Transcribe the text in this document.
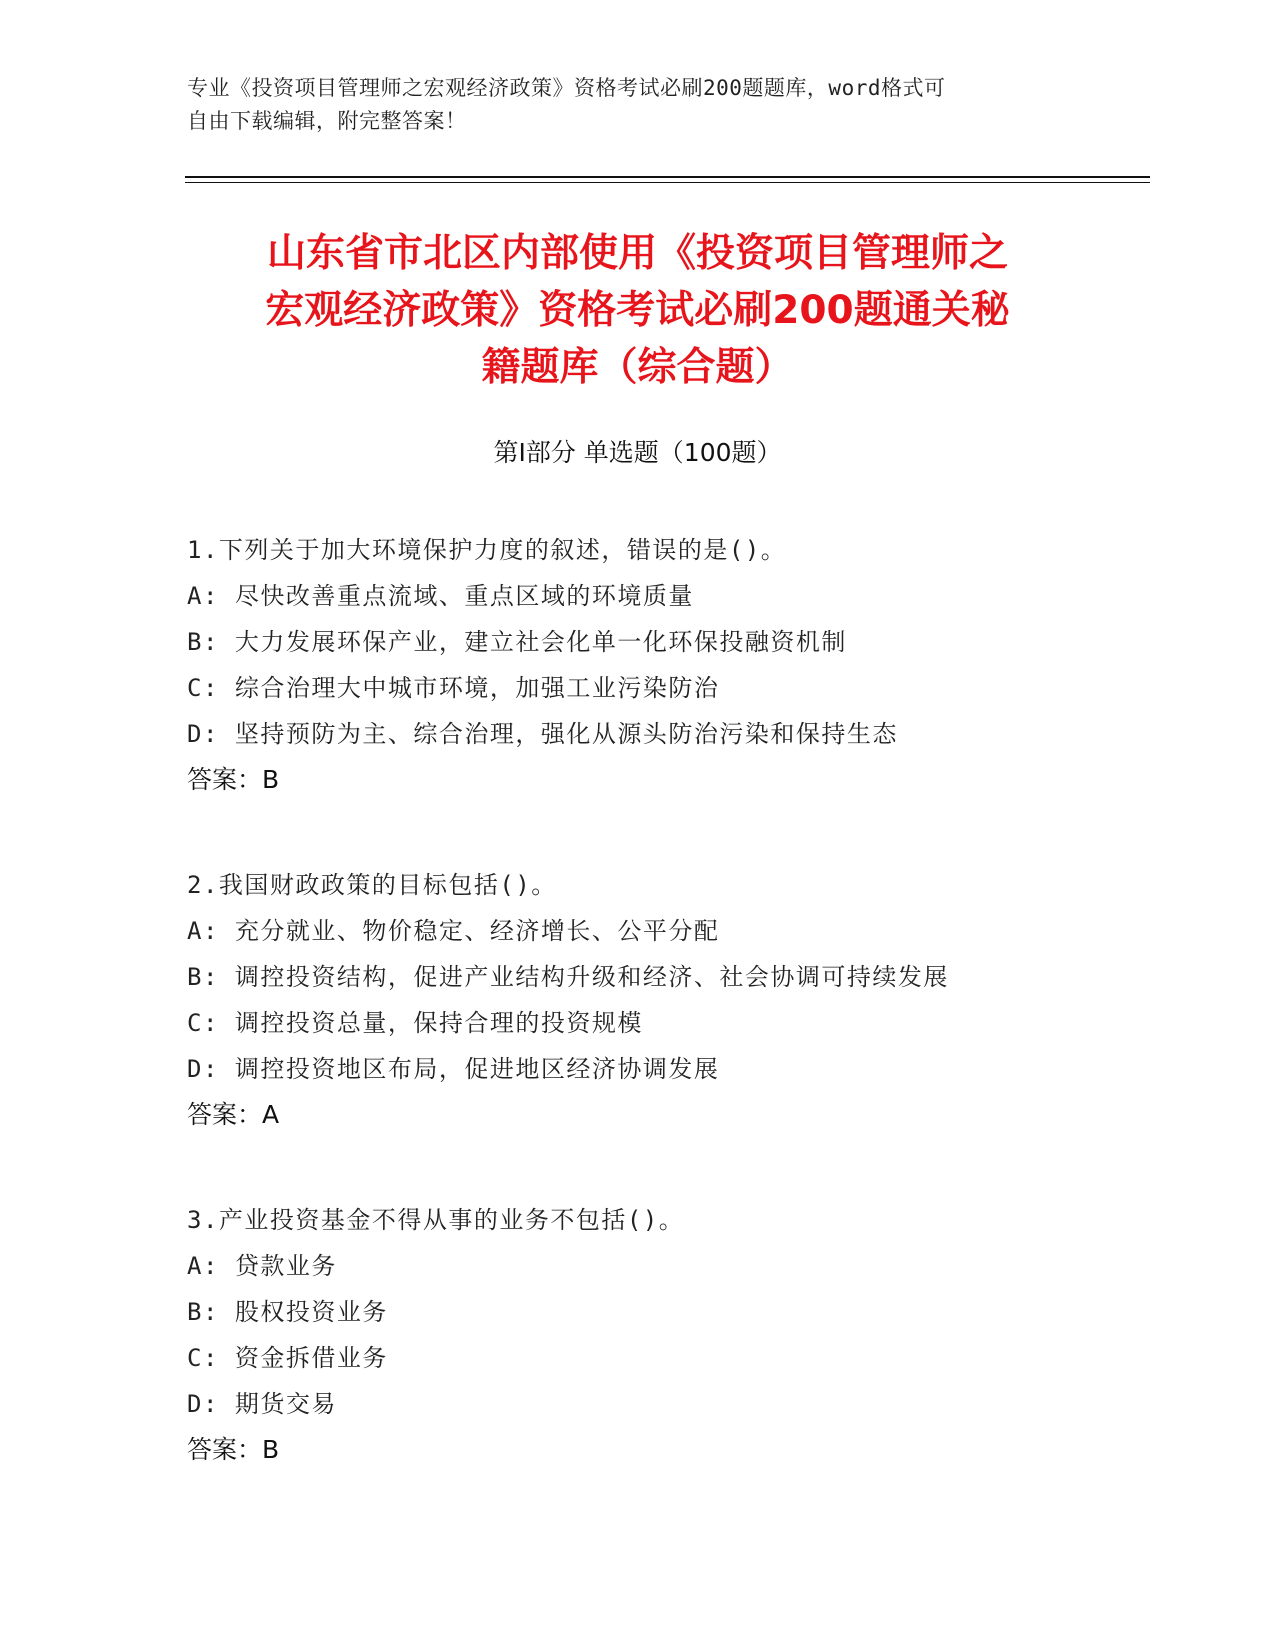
专业《投资项目管理师之宏观经济政策》资格考试必刷200题题库，word格式可
自由下载编辑，附完整答案！
山东省市北区内部使用《投资项目管理师之
宏观经济政策》资格考试必刷200题通关秘
籍题库（综合题）
第Ⅰ部分 单选题（100题）
1.下列关于加大环境保护力度的叙述，错误的是()。
A: 尽快改善重点流域、重点区域的环境质量
B: 大力发展环保产业，建立社会化单一化环保投融资机制
C: 综合治理大中城市环境，加强工业污染防治
D: 坚持预防为主、综合治理，强化从源头防治污染和保持生态
答案：B
2.我国财政政策的目标包括()。
A: 充分就业、物价稳定、经济增长、公平分配
B: 调控投资结构，促进产业结构升级和经济、社会协调可持续发展
C: 调控投资总量，保持合理的投资规模
D: 调控投资地区布局，促进地区经济协调发展
答案：A
3.产业投资基金不得从事的业务不包括()。
A: 贷款业务
B: 股权投资业务
C: 资金拆借业务
D: 期货交易
答案：B
